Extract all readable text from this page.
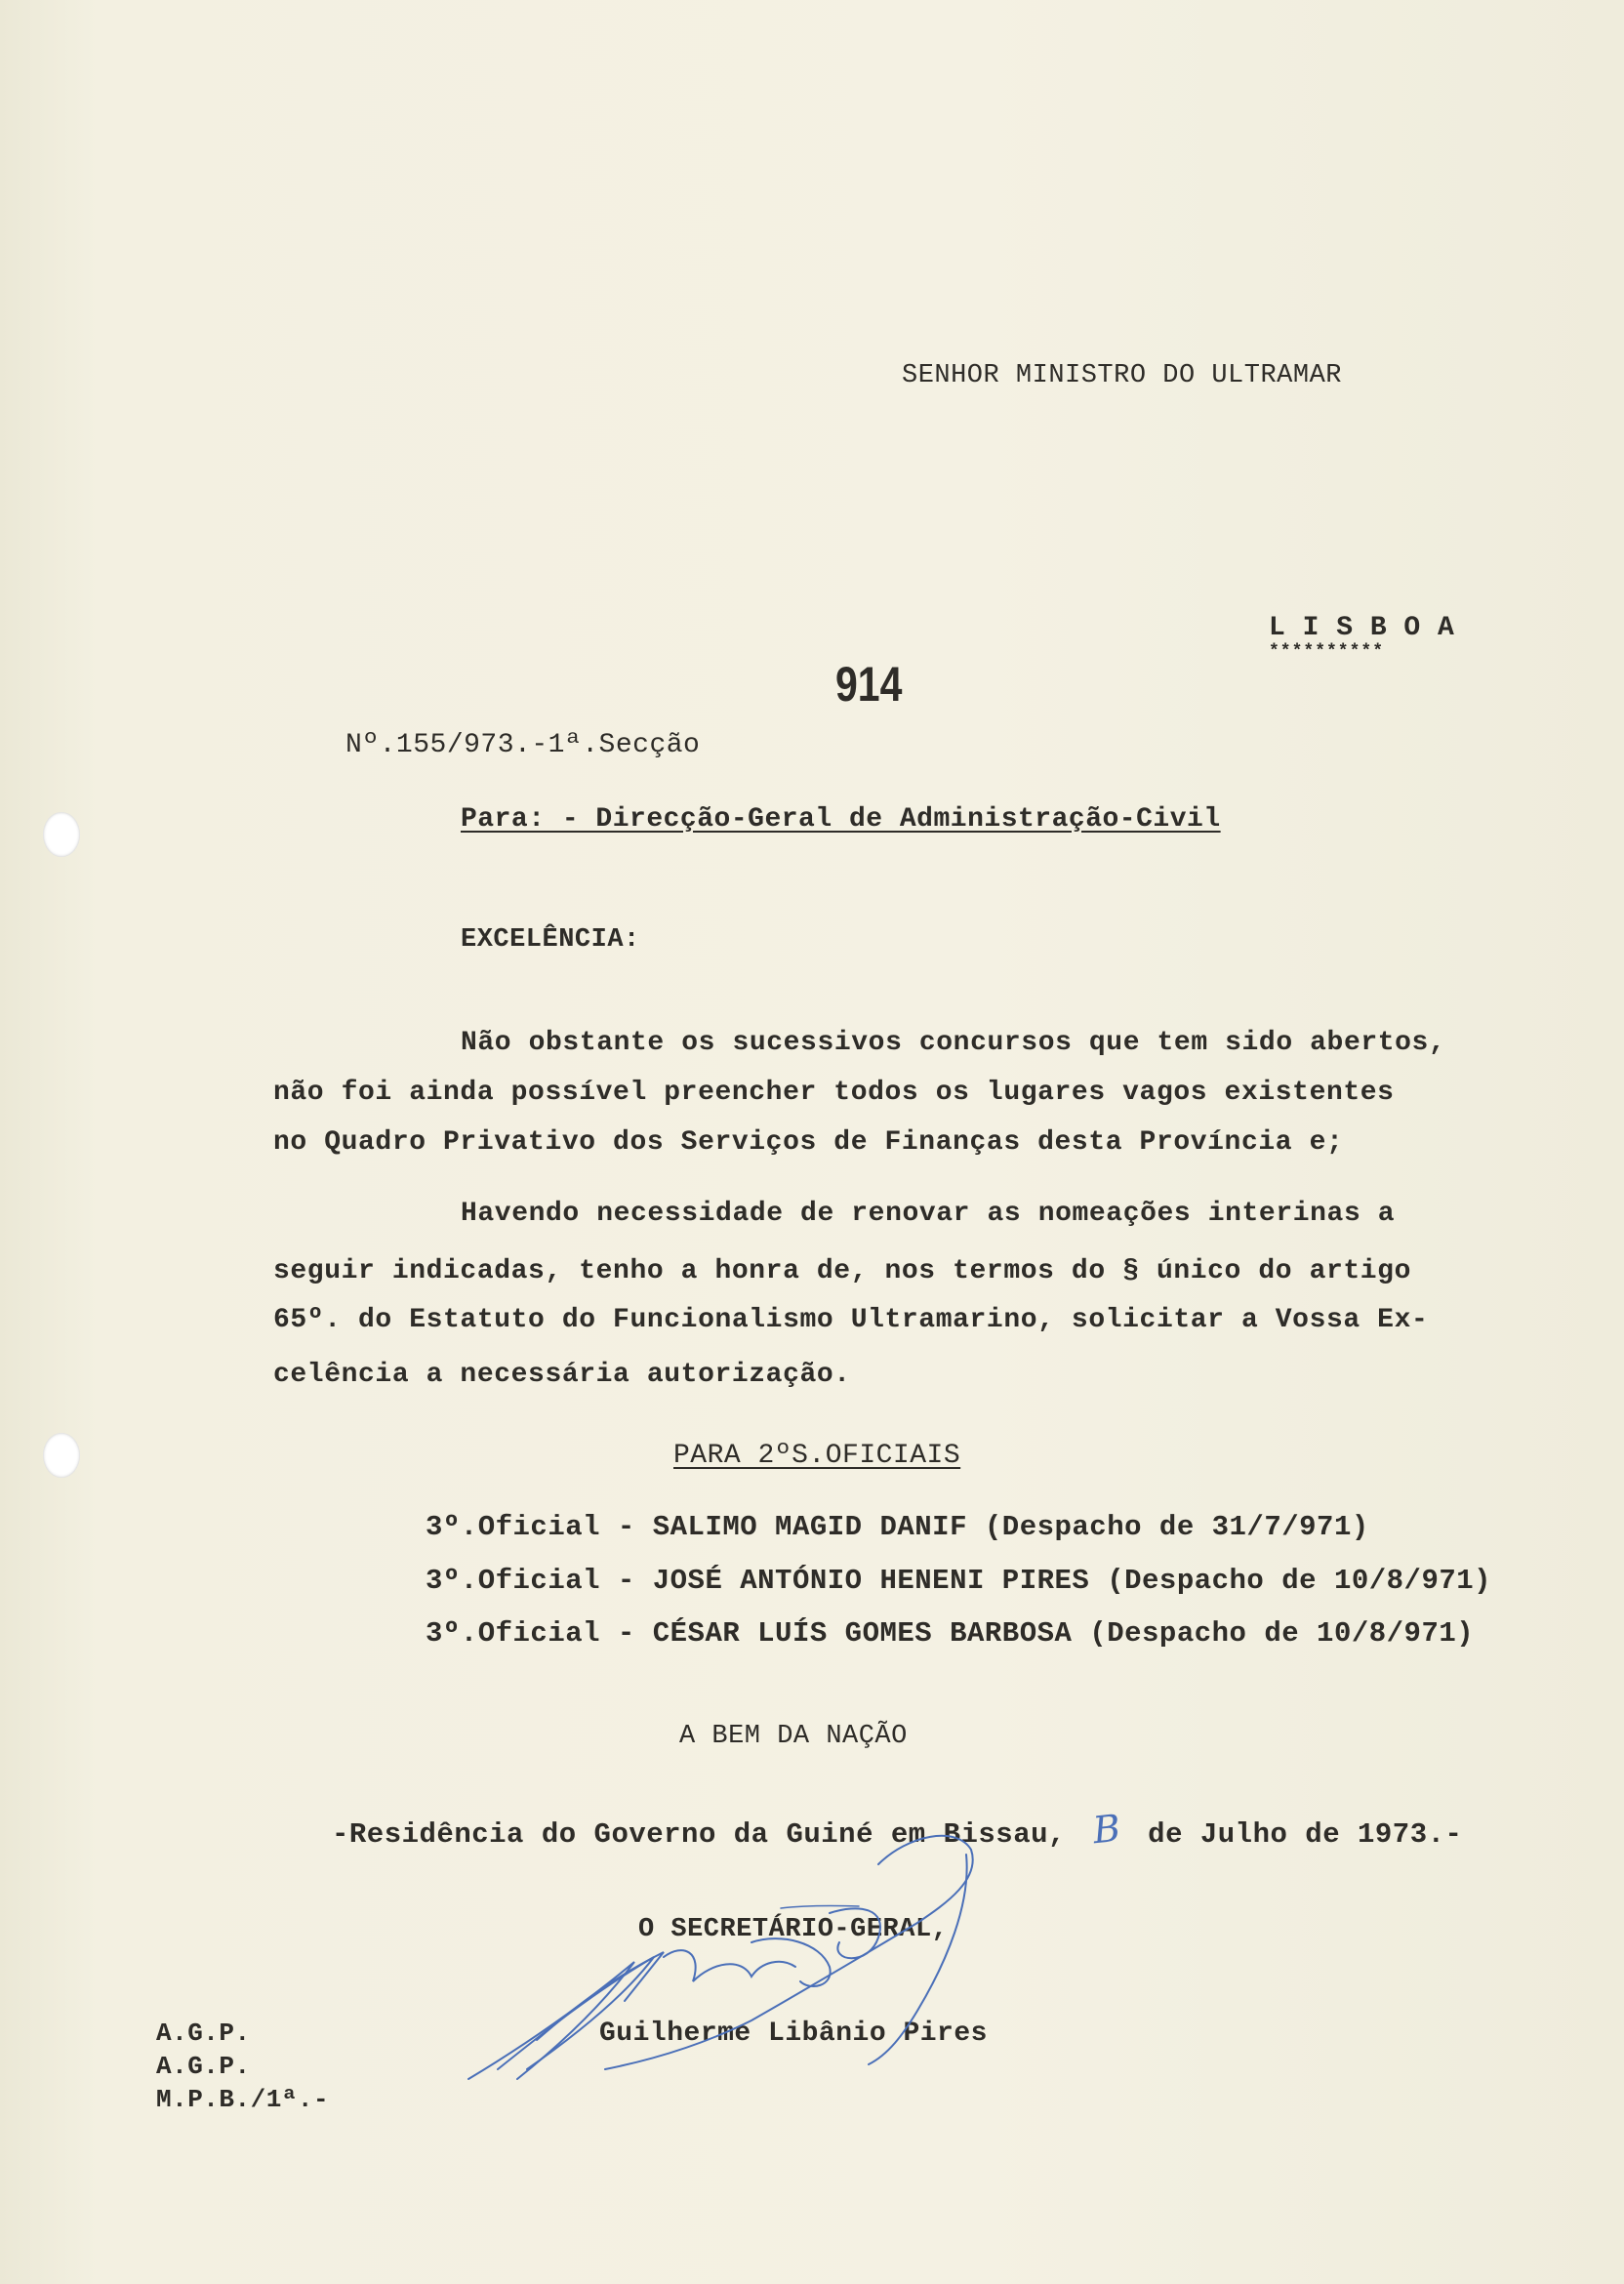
SENHOR MINISTRO DO ULTRAMAR
L I S B O A
**********
914
Nº.155/973.-1ª.Secção
Para: - Direcção-Geral de Administração-Civil
EXCELÊNCIA:
Não obstante os sucessivos concursos que tem sido abertos,
não foi ainda possível preencher todos os lugares vagos existentes
no Quadro Privativo dos Serviços de Finanças desta Província e;
Havendo necessidade de renovar as nomeações interinas a
seguir indicadas, tenho a honra de, nos termos do § único do artigo
65º. do Estatuto do Funcionalismo Ultramarino, solicitar a Vossa Ex-
celência a necessária autorização.
PARA 2ºS.OFICIAIS
3º.Oficial - SALIMO MAGID DANIF (Despacho de 31/7/971)
3º.Oficial - JOSÉ ANTÓNIO HENENI PIRES (Despacho de 10/8/971)
3º.Oficial - CÉSAR LUÍS GOMES BARBOSA (Despacho de 10/8/971)
A BEM DA NAÇÃO
-Residência do Governo da Guiné em Bissau, B de Julho de 1973.-
O SECRETÁRIO-GERAL,
Guilherme Libânio Pires
A.G.P.
A.G.P.
M.P.B./1ª.-
